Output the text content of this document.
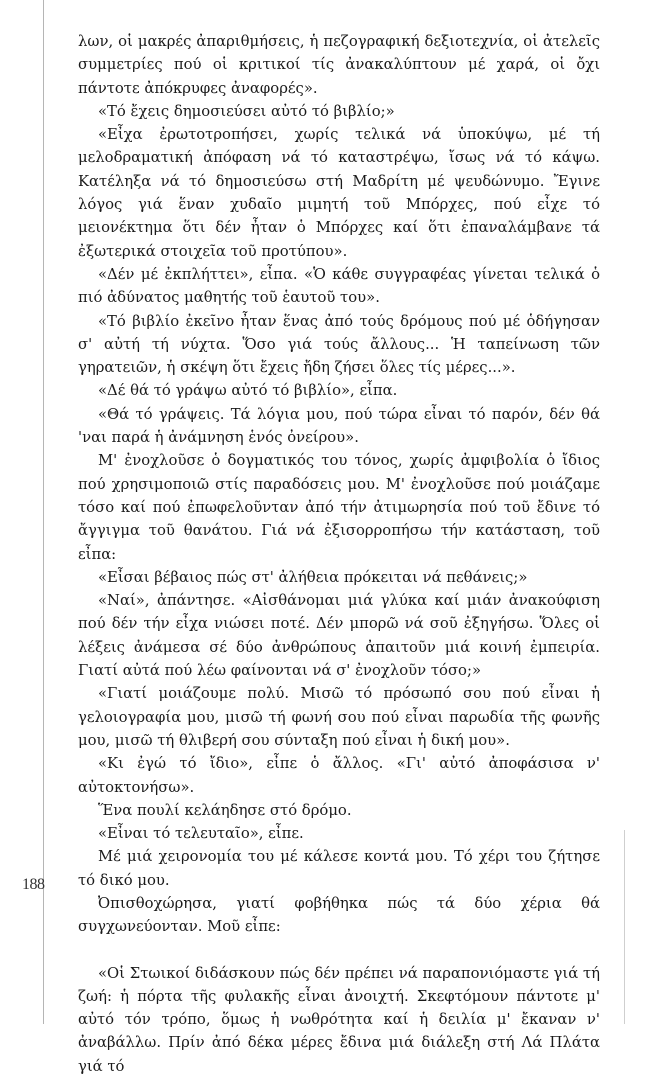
λων, οἱ μακρές ἀπαριθμήσεις, ἡ πεζογραφική δεξιοτεχνία, οἱ ἀτελεῖς συμμετρίες πού οἱ κριτικοί τίς ἀνακαλύπτουν μέ χαρά, οἱ ὄχι πάντοτε ἀπόκρυφες ἀναφορές».

«Τό ἔχεις δημοσιεύσει αὐτό τό βιβλίο;»

«Εἶχα ἐρωτοτροπήσει, χωρίς τελικά νά ὑποκύψω, μέ τή μελοδραματική ἀπόφαση νά τό καταστρέψω, ἴσως νά τό κάψω. Κατέληξα νά τό δημοσιεύσω στή Μαδρίτη μέ ψευδώνυμο. Ἔγινε λόγος γιά ἕναν χυδαῖο μιμητή τοῦ Μπόρχες, πού εἶχε τό μειονέκτημα ὅτι δέν ἦταν ὁ Μπόρχες καί ὅτι ἐπαναλάμβανε τά ἐξωτερικά στοιχεῖα τοῦ προτύπου».

«Δέν μέ ἐκπλήττει», εἶπα. «Ὁ κάθε συγγραφέας γίνεται τελικά ὁ πιό ἀδύνατος μαθητής τοῦ ἑαυτοῦ του».

«Τό βιβλίο ἐκεῖνο ἦταν ἕνας ἀπό τούς δρόμους πού μέ ὁδήγησαν σ' αὐτή τή νύχτα. Ὅσο γιά τούς ἄλλους... Ἡ ταπείνωση τῶν γηρατειῶν, ἡ σκέψη ὅτι ἔχεις ἤδη ζήσει ὅλες τίς μέρες...».

«Δέ θά τό γράψω αὐτό τό βιβλίο», εἶπα.

«Θά τό γράψεις. Τά λόγια μου, πού τώρα εἶναι τό παρόν, δέν θά 'ναι παρά ἡ ἀνάμνηση ἑνός ὀνείρου».

Μ' ἐνοχλοῦσε ὁ δογματικός του τόνος, χωρίς ἀμφιβολία ὁ ἴδιος πού χρησιμοποιῶ στίς παραδόσεις μου. Μ' ἐνοχλοῦσε πού μοιάζαμε τόσο καί πού ἐπωφελοῦνταν ἀπό τήν ἀτιμωρησία πού τοῦ ἔδινε τό ἄγγιγμα τοῦ θανάτου. Γιά νά ἐξισορροπήσω τήν κατάσταση, τοῦ εἶπα:

«Εἶσαι βέβαιος πώς στ' ἀλήθεια πρόκειται νά πεθάνεις;»

«Ναί», ἀπάντησε. «Αἰσθάνομαι μιά γλύκα καί μιάν ἀνακούφιση πού δέν τήν εἶχα νιώσει ποτέ. Δέν μπορῶ νά σοῦ ἐξηγήσω. Ὅλες οἱ λέξεις ἀνάμεσα σέ δύο ἀνθρώπους ἀπαιτοῦν μιά κοινή ἐμπειρία. Γιατί αὐτά πού λέω φαίνονται νά σ' ἐνοχλοῦν τόσο;»

«Γιατί μοιάζουμε πολύ. Μισῶ τό πρόσωπό σου πού εἶναι ἡ γελοιογραφία μου, μισῶ τή φωνή σου πού εἶναι παρωδία τῆς φωνῆς μου, μισῶ τή θλιβερή σου σύνταξη πού εἶναι ἡ δική μου».

«Κι ἐγώ τό ἴδιο», εἶπε ὁ ἄλλος. «Γι' αὐτό ἀποφάσισα ν' αὐτοκτονήσω».

Ἕνα πουλί κελάηδησε στό δρόμο.

«Εἶναι τό τελευταῖο», εἶπε.

Μέ μιά χειρονομία του μέ κάλεσε κοντά μου. Τό χέρι του ζήτησε τό δικό μου.

Ὀπισθοχώρησα, γιατί φοβήθηκα πώς τά δύο χέρια θά συγχωνεύονταν. Μοῦ εἶπε:

«Οἱ Στωικοί διδάσκουν πώς δέν πρέπει νά παραπονιόμαστε γιά τή ζωή: ἡ πόρτα τῆς φυλακῆς εἶναι ἀνοιχτή. Σκεφτόμουν πάντοτε μ' αὐτό τόν τρόπο, ὅμως ἡ νωθρότητα καί ἡ δειλία μ' ἔκαναν ν' ἀναβάλλω. Πρίν ἀπό δέκα μέρες ἔδινα μιά διάλεξη στή Λά Πλάτα γιά τό

188
